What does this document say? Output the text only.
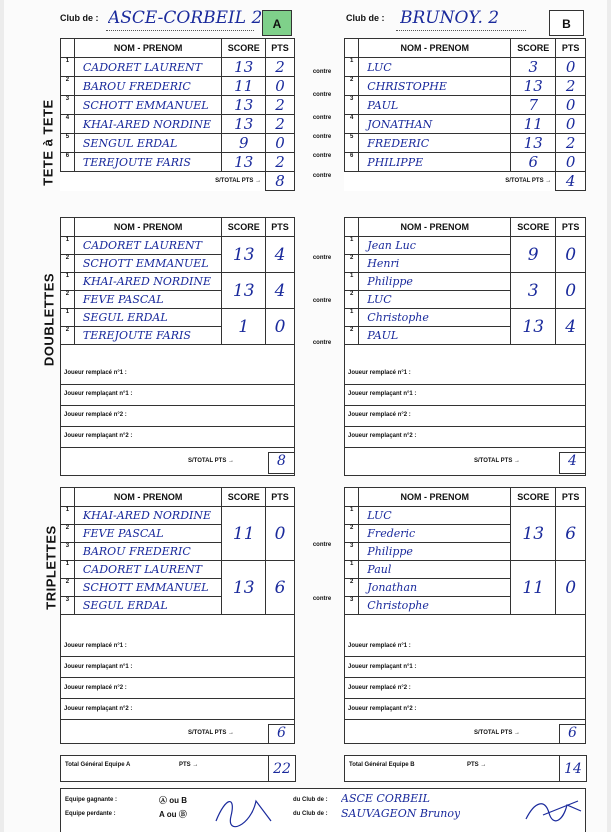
Club de : ASCE-CORBEIL 2 A	Club de : BRUNOY. 2	B
TETE à TETE
	NOM - PRENOM	SCORE	PTS
1	CADORET LAURENT	13	2
2	BAROU FREDERIC	11	0
3	SCHOTT EMMANUEL	13	2
4	KHAI-ARED NORDINE	13	2
5	SENGUL ERDAL	9	0
6	TEREJOUTE FARIS	13	2
S/TOTAL PTS →			8
	NOM - PRENOM	SCORE	PTS
1	LUC	3	0
2	CHRISTOPHE	13	2
3	PAUL	7	0
4	JONATHAN	11	0
5	FREDERIC	13	2
6	PHILIPPE	6	0
S/TOTAL PTS →			4
contre
contre
contre
contre
contre
contre
DOUBLETTES
	NOM - PRENOM	SCORE	PTS
1	CADORET LAURENT	13	4
2	SCHOTT EMMANUEL		
1	KHAI-ARED NORDINE	13	4
2	FEVE PASCAL		
1	SEGUL ERDAL	1	0
2	TEREJOUTE FARIS		
	NOM - PRENOM	SCORE	PTS
1	Jean Luc	9	0
2	Henri		
1	Philippe	3	0
2	LUC		
1	Christophe	13	4
2	PAUL		
contre
contre
contre
Joueur remplacé n°1 :
Joueur remplaçant n°1 :
Joueur remplacé n°2 :
Joueur remplaçant n°2 :
Joueur remplacé n°1 :
Joueur remplaçant n°1 :
Joueur remplacé n°2 :
Joueur remplaçant n°2 :
S/TOTAL PTS →	8	S/TOTAL PTS →	4
TRIPLETTES
	NOM - PRENOM	SCORE	PTS
1	KHAI-ARED NORDINE	11	0
2	FEVE PASCAL		
3	BAROU FREDERIC		
1	CADORET LAURENT	13	6
2	SCHOTT EMMANUEL		
3	SEGUL ERDAL		
	NOM - PRENOM	SCORE	PTS
1	LUC	13	6
2	Frederic		
3	Philippe		
1	Paul	11	0
2	Jonathan		
3	Christophe		
contre
contre
Joueur remplacé n°1 :
Joueur remplaçant n°1 :
Joueur remplacé n°2 :
Joueur remplaçant n°2 :
Joueur remplacé n°1 :
Joueur remplaçant n°1 :
Joueur remplacé n°2 :
Joueur remplaçant n°2 :
S/TOTAL PTS →	6	S/TOTAL PTS →	6
Total Général Equipe A	PTS →	22	Total Général Equipe B	PTS →	14
Equipe gagnante :	Ⓐ ou B
Equipe perdante :	A ou Ⓑ
du Club de : ASCE CORBEIL
du Club de : SAUVAGEON Brunoy
